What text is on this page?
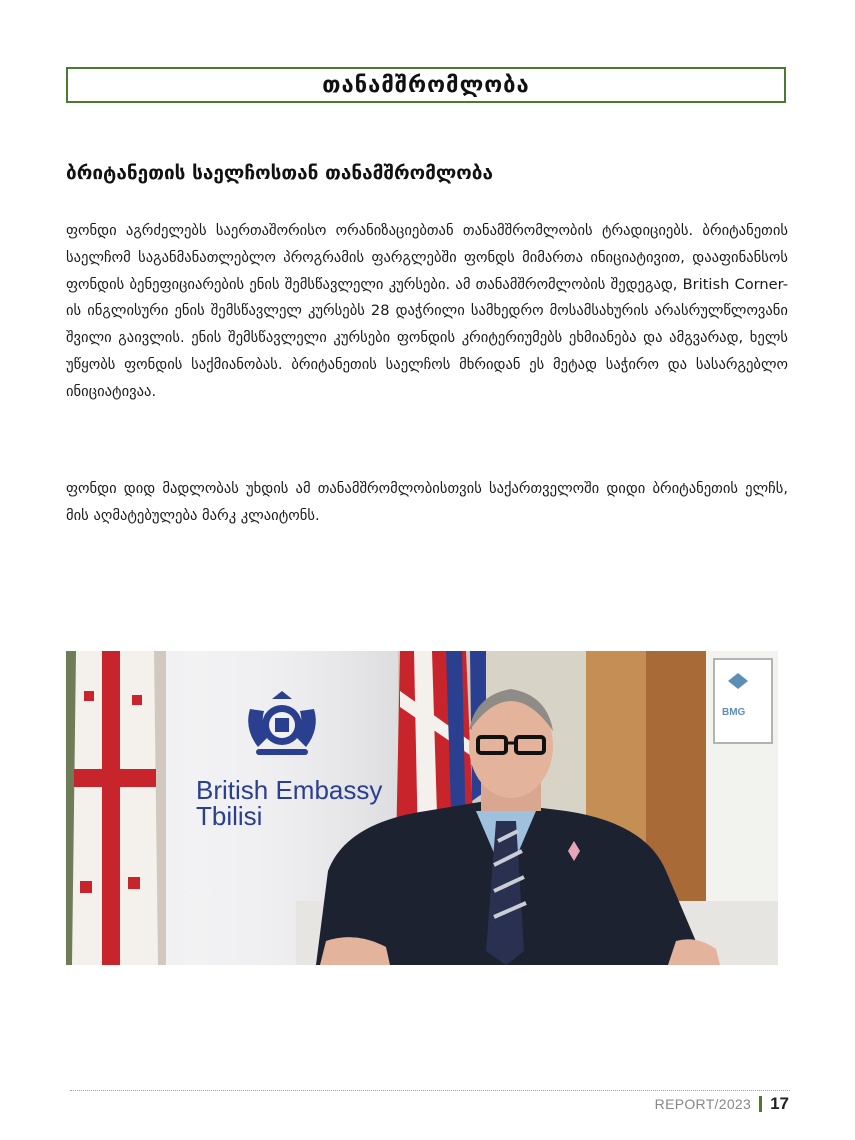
თანამშრომლობა
ბრიტანეთის საელჩოსთან თანამშრომლობა

ფონდი აგრძელებს საერთაშორისო ორანიზაციებთან თანამშრომლობის ტრადიციებს. ბრიტანეთის საელჩომ საგანმანათლებლო პროგრამის ფარგლებში ფონდს მიმართა ინიციატივით, დააფინანსოს ფონდის ბენეფიციარების ენის შემსწავლელი კურსები. ამ თანამშრომლობის შედეგად, British Corner-ის ინგლისური ენის შემსწავლელ კურსებს 28 დაჭრილი სამხედრო მოსამსახურის არასრულწლოვანი შვილი გაივლის. ენის შემსწავლელი კურსები ფონდის კრიტერიუმებს ეხმიანება და ამგვარად, ხელს უწყობს ფონდის საქმიანობას. ბრიტანეთის საელჩოს მხრიდან ეს მეტად საჭირო და სასარგებლო ინიციატივაა.

ფონდი დიდ მადლობას უხდის ამ თანამშრომლობისთვის საქართველოში დიდი ბრიტანეთის ელჩს, მის აღმატებულება მარკ კლაიტონს.

British Embassy
Tbilisi
BMG
REPORT/2023 17
